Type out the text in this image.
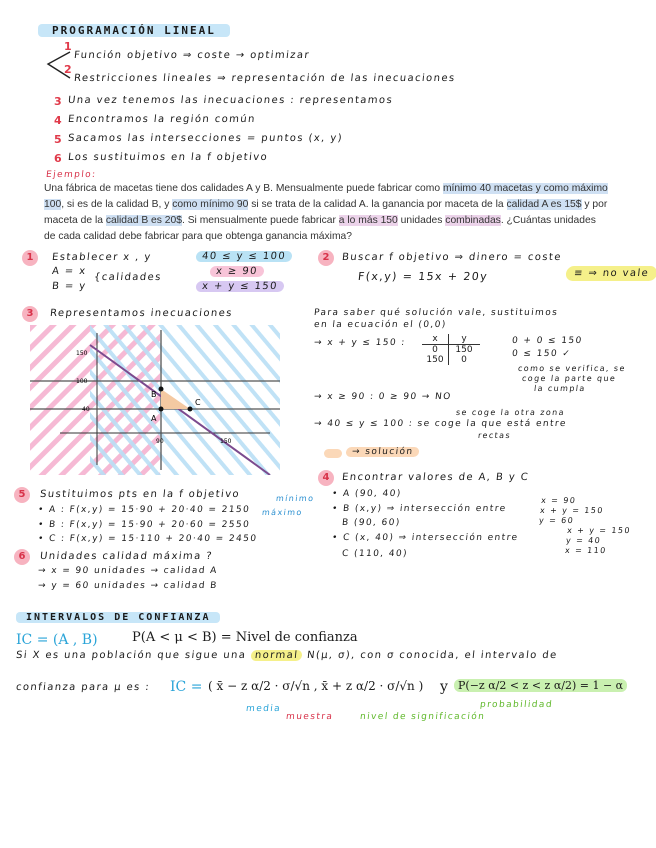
PROGRAMACIÓN LINEAL
1
Función objetivo ⇒ coste → optimizar
2
Restricciones lineales ⇒ representación de las inecuaciones
3 Una vez tenemos las inecuaciones : representamos
4 Encontramos la región común
5 Sacamos las intersecciones = puntos (x, y)
6 Los sustituimos en la f objetivo
Ejemplo:
Una fábrica de macetas tiene dos calidades A y B. Mensualmente puede fabricar como mínimo 40 macetas y como máximo 100, si es de la calidad B, y como mínimo 90 si se trata de la calidad A. la ganancia por maceta de la calidad A es 15$ y por maceta de la calidad B es 20$. Si mensualmente puede fabricar a lo más 150 unidades combinadas. ¿Cuántas unidades de cada calidad debe fabricar para que obtenga ganancia máxima?
1	Establecer x , y
A = x
B = y
{calidades
40 ≤ y ≤ 100
x ≥ 90
x + y ≤ 150
2	Buscar f objetivo ⇒ dinero = coste
F(x,y) = 15x + 20y	≡ ⇒ no vale
3	Representamos inecuaciones
B
A
C
150
100
40
90	150
Para saber qué solución vale, sustituimos
en la ecuación el (0,0)
→ x + y ≤ 150 :	x	y
0	150
150	0
0 + 0 ≤ 150
0 ≤ 150 ✓
como se verifica, se
coge la parte que
la cumpla
→ x ≥ 90 : 0 ≥ 90 → NO
se coge la otra zona
→ 40 ≤ y ≤ 100 : se coge la que está entre
rectas
→ solución
4	Encontrar valores de A, B y C
• A (90, 40)
• B (x,y) ⇒ intersección entre
x = 90
x + y = 150
y = 60
B (90, 60)
• C (x, 40) ⇒ intersección entre
x + y = 150
y = 40
x = 110
C (110, 40)
5	Sustituimos pts en la f objetivo
• A : F(x,y) = 15·90 + 20·40 = 2150
• B : F(x,y) = 15·90 + 20·60 = 2550
• C : F(x,y) = 15·110 + 20·40 = 2450
mínimo
máximo
6	Unidades calidad máxima ?
→ x = 90 unidades → calidad A
→ y = 60 unidades → calidad B
INTERVALOS DE CONFIANZA
IC = (A , B)	P(A < μ < B) = Nivel de confianza
Si X es una población que sigue una normal N(μ, σ), con σ conocida, el intervalo de
confianza para μ es : IC = ( x̄ − z α/2 · σ/√n , x̄ + z α/2 · σ/√n ) y P(−z α/2 < z < z α/2) = 1 − α
media
muestra	nivel de significación
probabilidad
